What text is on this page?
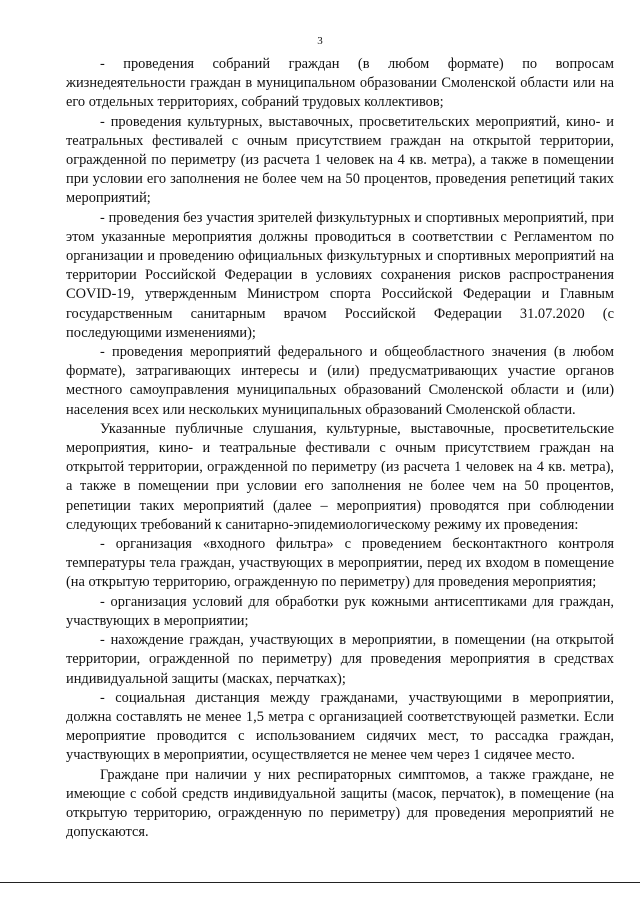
3

- проведения собраний граждан (в любом формате) по вопросам жизнедеятельности граждан в муниципальном образовании Смоленской области или на его отдельных территориях, собраний трудовых коллективов;

- проведения культурных, выставочных, просветительских мероприятий, кино- и театральных фестивалей с очным присутствием граждан на открытой территории, огражденной по периметру (из расчета 1 человек на 4 кв. метра), а также в помещении при условии его заполнения не более чем на 50 процентов, проведения репетиций таких мероприятий;

- проведения без участия зрителей физкультурных и спортивных мероприятий, при этом указанные мероприятия должны проводиться в соответствии с Регламентом по организации и проведению официальных физкультурных и спортивных мероприятий на территории Российской Федерации в условиях сохранения рисков распространения COVID-19, утвержденным Министром спорта Российской Федерации и Главным государственным санитарным врачом Российской Федерации 31.07.2020 (с последующими изменениями);

- проведения мероприятий федерального и общеобластного значения (в любом формате), затрагивающих интересы и (или) предусматривающих участие органов местного самоуправления муниципальных образований Смоленской области и (или) населения всех или нескольких муниципальных образований Смоленской области.

Указанные публичные слушания, культурные, выставочные, просветительские мероприятия, кино- и театральные фестивали с очным присутствием граждан на открытой территории, огражденной по периметру (из расчета 1 человек на 4 кв. метра), а также в помещении при условии его заполнения не более чем на 50 процентов, репетиции таких мероприятий (далее – мероприятия) проводятся при соблюдении следующих требований к санитарно-эпидемиологическому режиму их проведения:

- организация «входного фильтра» с проведением бесконтактного контроля температуры тела граждан, участвующих в мероприятии, перед их входом в помещение (на открытую территорию, огражденную по периметру) для проведения мероприятия;

- организация условий для обработки рук кожными антисептиками для граждан, участвующих в мероприятии;

- нахождение граждан, участвующих в мероприятии, в помещении (на открытой территории, огражденной по периметру) для проведения мероприятия в средствах индивидуальной защиты (масках, перчатках);

- социальная дистанция между гражданами, участвующими в мероприятии, должна составлять не менее 1,5 метра с организацией соответствующей разметки. Если мероприятие проводится с использованием сидячих мест, то рассадка граждан, участвующих в мероприятии, осуществляется не менее чем через 1 сидячее место.

Граждане при наличии у них респираторных симптомов, а также граждане, не имеющие с собой средств индивидуальной защиты (масок, перчаток), в помещение (на открытую территорию, огражденную по периметру) для проведения мероприятий не допускаются.
